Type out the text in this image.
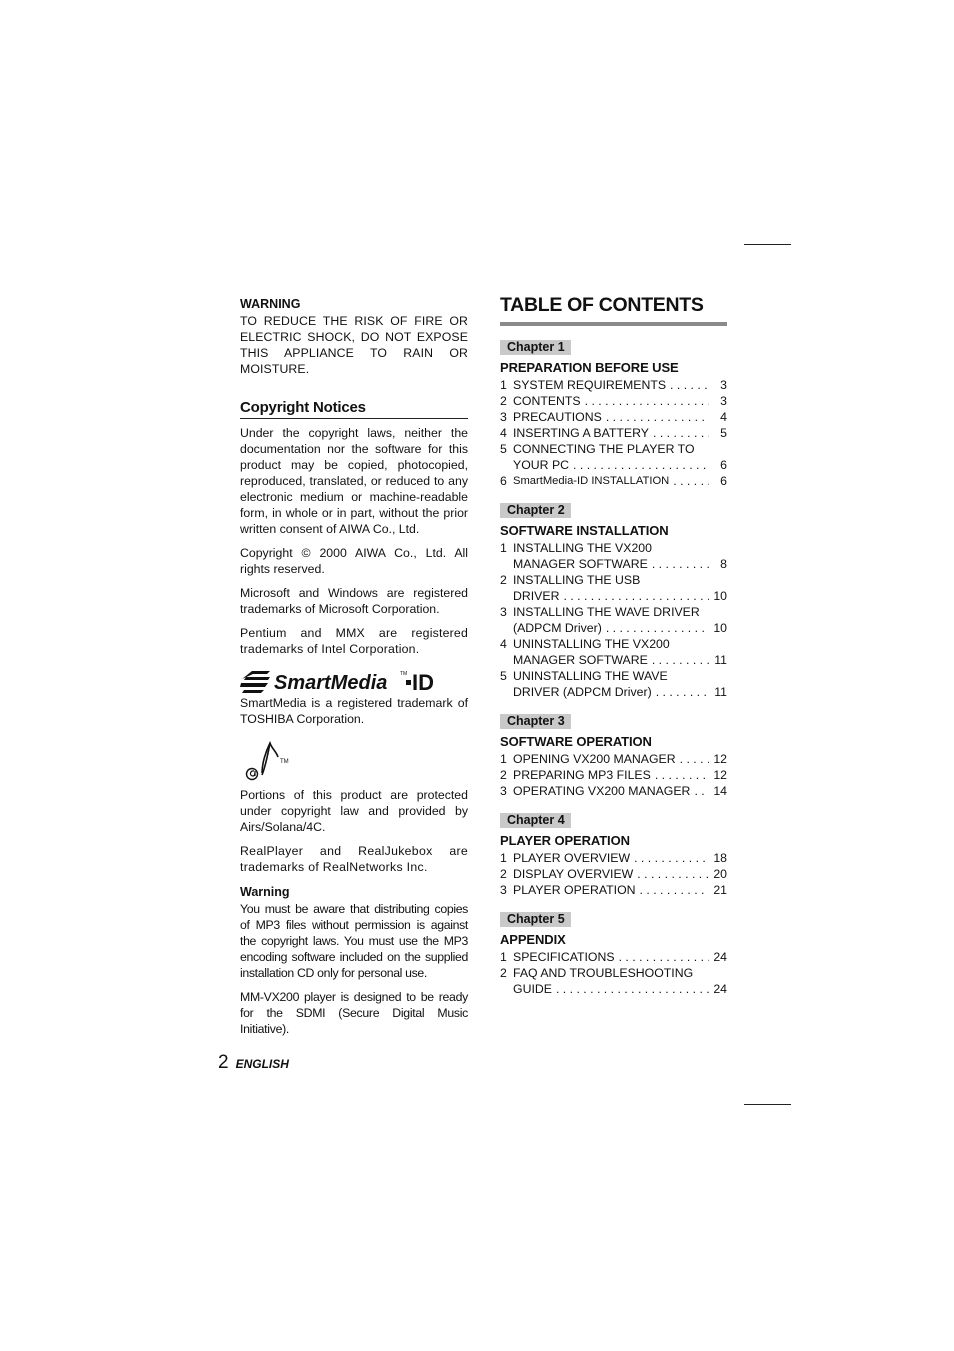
WARNING

TO REDUCE THE RISK OF FIRE OR ELECTRIC SHOCK, DO NOT EXPOSE THIS APPLIANCE TO RAIN OR MOISTURE.

Copyright Notices

Under the copyright laws, neither the documentation nor the software for this product may be copied, photocopied, reproduced, translated, or reduced to any electronic medium or machine-readable form, in whole or in part, without the prior written consent of AIWA Co., Ltd.

Copyright © 2000 AIWA Co., Ltd. All rights reserved.

Microsoft and Windows are registered trademarks of Microsoft Corporation.

Pentium and MMX are registered trademarks of Intel Corporation.

SmartMedia	TM ID

SmartMedia is a registered trademark of TOSHIBA Corporation.

TM

Portions of this product are protected under copyright law and provided by Airs/Solana/4C.

RealPlayer and RealJukebox are trademarks of RealNetworks Inc.

Warning

You must be aware that distributing copies of MP3 files without permission is against the copyright laws. You must use the MP3 encoding software included on the supplied installation CD only for personal use.

MM-VX200 player is designed to be ready for the SDMI (Secure Digital Music Initiative).

TABLE OF CONTENTS
Chapter 1
PREPARATION BEFORE USE
1 SYSTEM REQUIREMENTS . . .	3
2 CONTENTS . . .	3
3 PRECAUTIONS . . .	4
4 INSERTING A BATTERY . . .	5
5 CONNECTING THE PLAYER TO
YOUR PC . . .	6
6 SmartMedia-ID INSTALLATION . . .	6
Chapter 2
SOFTWARE INSTALLATION
1 INSTALLING THE VX200
MANAGER SOFTWARE . . .	8
2 INSTALLING THE USB
DRIVER . . .	10
3 INSTALLING THE WAVE DRIVER
(ADPCM Driver) . . .	10
4 UNINSTALLING THE VX200
MANAGER SOFTWARE . . .	11
5 UNINSTALLING THE WAVE
DRIVER (ADPCM Driver) . . .	11
Chapter 3
SOFTWARE OPERATION
1 OPENING VX200 MANAGER . . .	12
2 PREPARING MP3 FILES . . .	12
3 OPERATING VX200 MANAGER . . .	14
Chapter 4
PLAYER OPERATION
1 PLAYER OVERVIEW . . .	18
2 DISPLAY OVERVIEW . . .	20
3 PLAYER OPERATION . . .	21
Chapter 5
APPENDIX
1 SPECIFICATIONS . . .	24
2 FAQ AND TROUBLESHOOTING
GUIDE . . .	24
2 ENGLISH
